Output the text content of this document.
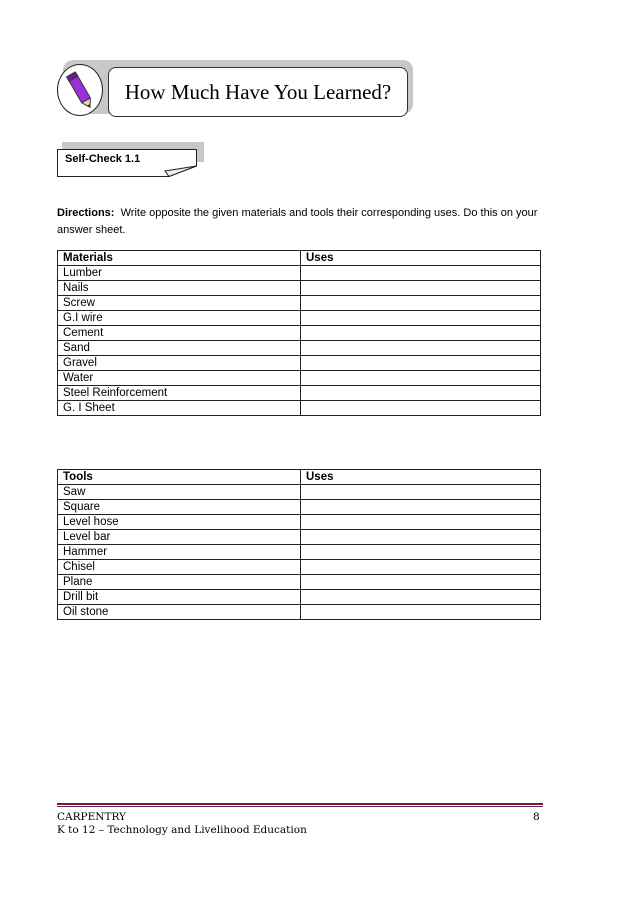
How Much Have You Learned?
Self-Check 1.1
Directions: Write opposite the given materials and tools their corresponding uses. Do this on your answer sheet.
Materials	Uses
Lumber	
Nails	
Screw	
G.I wire	
Cement	
Sand	
Gravel	
Water	
Steel Reinforcement	
G. I Sheet	
Tools	Uses
Saw	
Square	
Level hose	
Level bar	
Hammer	
Chisel	
Plane	
Drill bit	
Oil stone	
CARPENTRY
K to 12 – Technology and Livelihood Education
8
